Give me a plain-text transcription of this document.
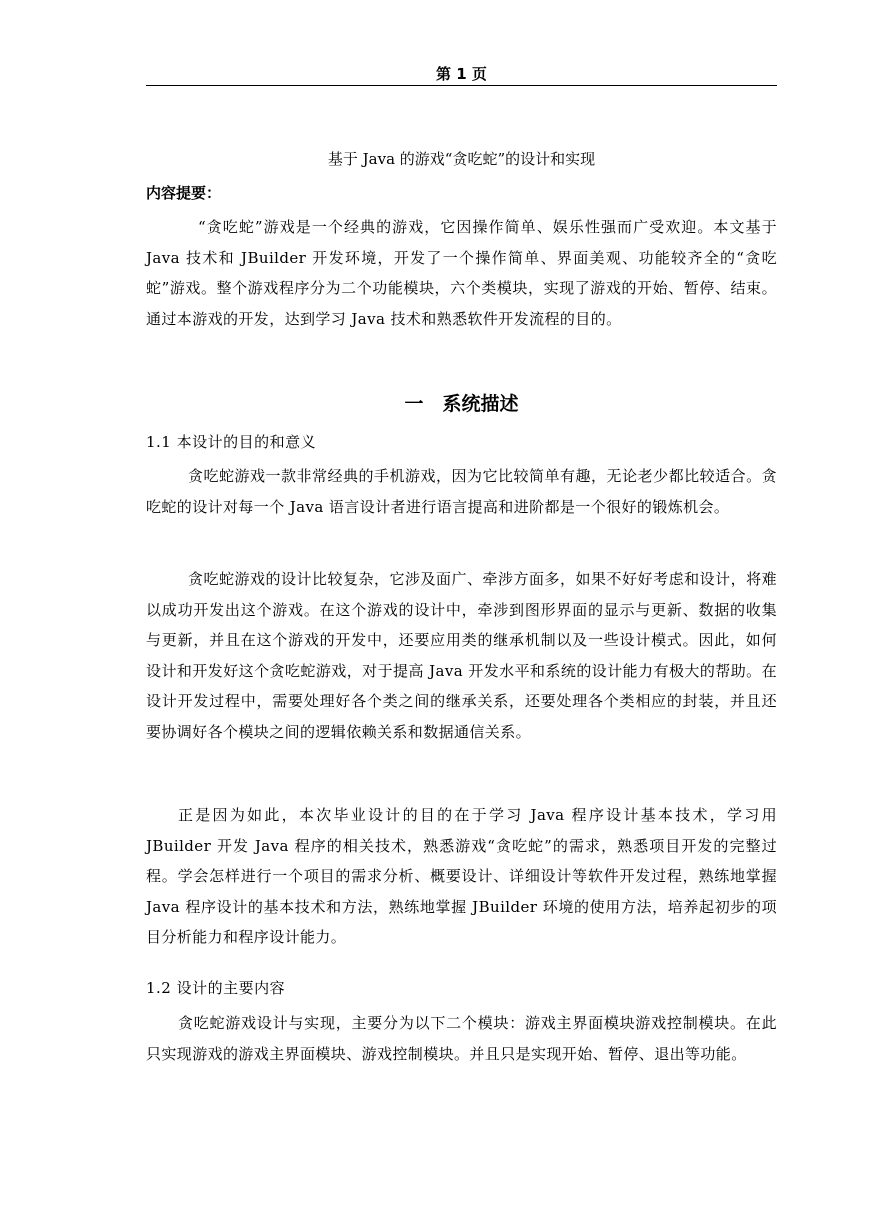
第 1 页
基于 Java 的游戏“贪吃蛇”的设计和实现
内容提要：

“贪吃蛇”游戏是一个经典的游戏，它因操作简单、娱乐性强而广受欢迎。本文基于 Java 技术和 JBuilder 开发环境，开发了一个操作简单、界面美观、功能较齐全的“贪吃蛇”游戏。整个游戏程序分为二个功能模块，六个类模块，实现了游戏的开始、暂停、结束。通过本游戏的开发，达到学习 Java 技术和熟悉软件开发流程的目的。

一　系统描述
1.1 本设计的目的和意义

贪吃蛇游戏一款非常经典的手机游戏，因为它比较简单有趣，无论老少都比较适合。贪吃蛇的设计对每一个 Java 语言设计者进行语言提高和进阶都是一个很好的锻炼机会。

贪吃蛇游戏的设计比较复杂，它涉及面广、牵涉方面多，如果不好好考虑和设计，将难以成功开发出这个游戏。在这个游戏的设计中，牵涉到图形界面的显示与更新、数据的收集与更新，并且在这个游戏的开发中，还要应用类的继承机制以及一些设计模式。因此，如何设计和开发好这个贪吃蛇游戏，对于提高 Java 开发水平和系统的设计能力有极大的帮助。在设计开发过程中，需要处理好各个类之间的继承关系，还要处理各个类相应的封装，并且还要协调好各个模块之间的逻辑依赖关系和数据通信关系。

正是因为如此，本次毕业设计的目的在于学习 Java 程序设计基本技术，学习用 JBuilder 开发 Java 程序的相关技术，熟悉游戏“贪吃蛇”的需求，熟悉项目开发的完整过程。学会怎样进行一个项目的需求分析、概要设计、详细设计等软件开发过程，熟练地掌握 Java 程序设计的基本技术和方法，熟练地掌握 JBuilder 环境的使用方法，培养起初步的项目分析能力和程序设计能力。

1.2 设计的主要内容

贪吃蛇游戏设计与实现，主要分为以下二个模块：游戏主界面模块游戏控制模块。在此只实现游戏的游戏主界面模块、游戏控制模块。并且只是实现开始、暂停、退出等功能。
